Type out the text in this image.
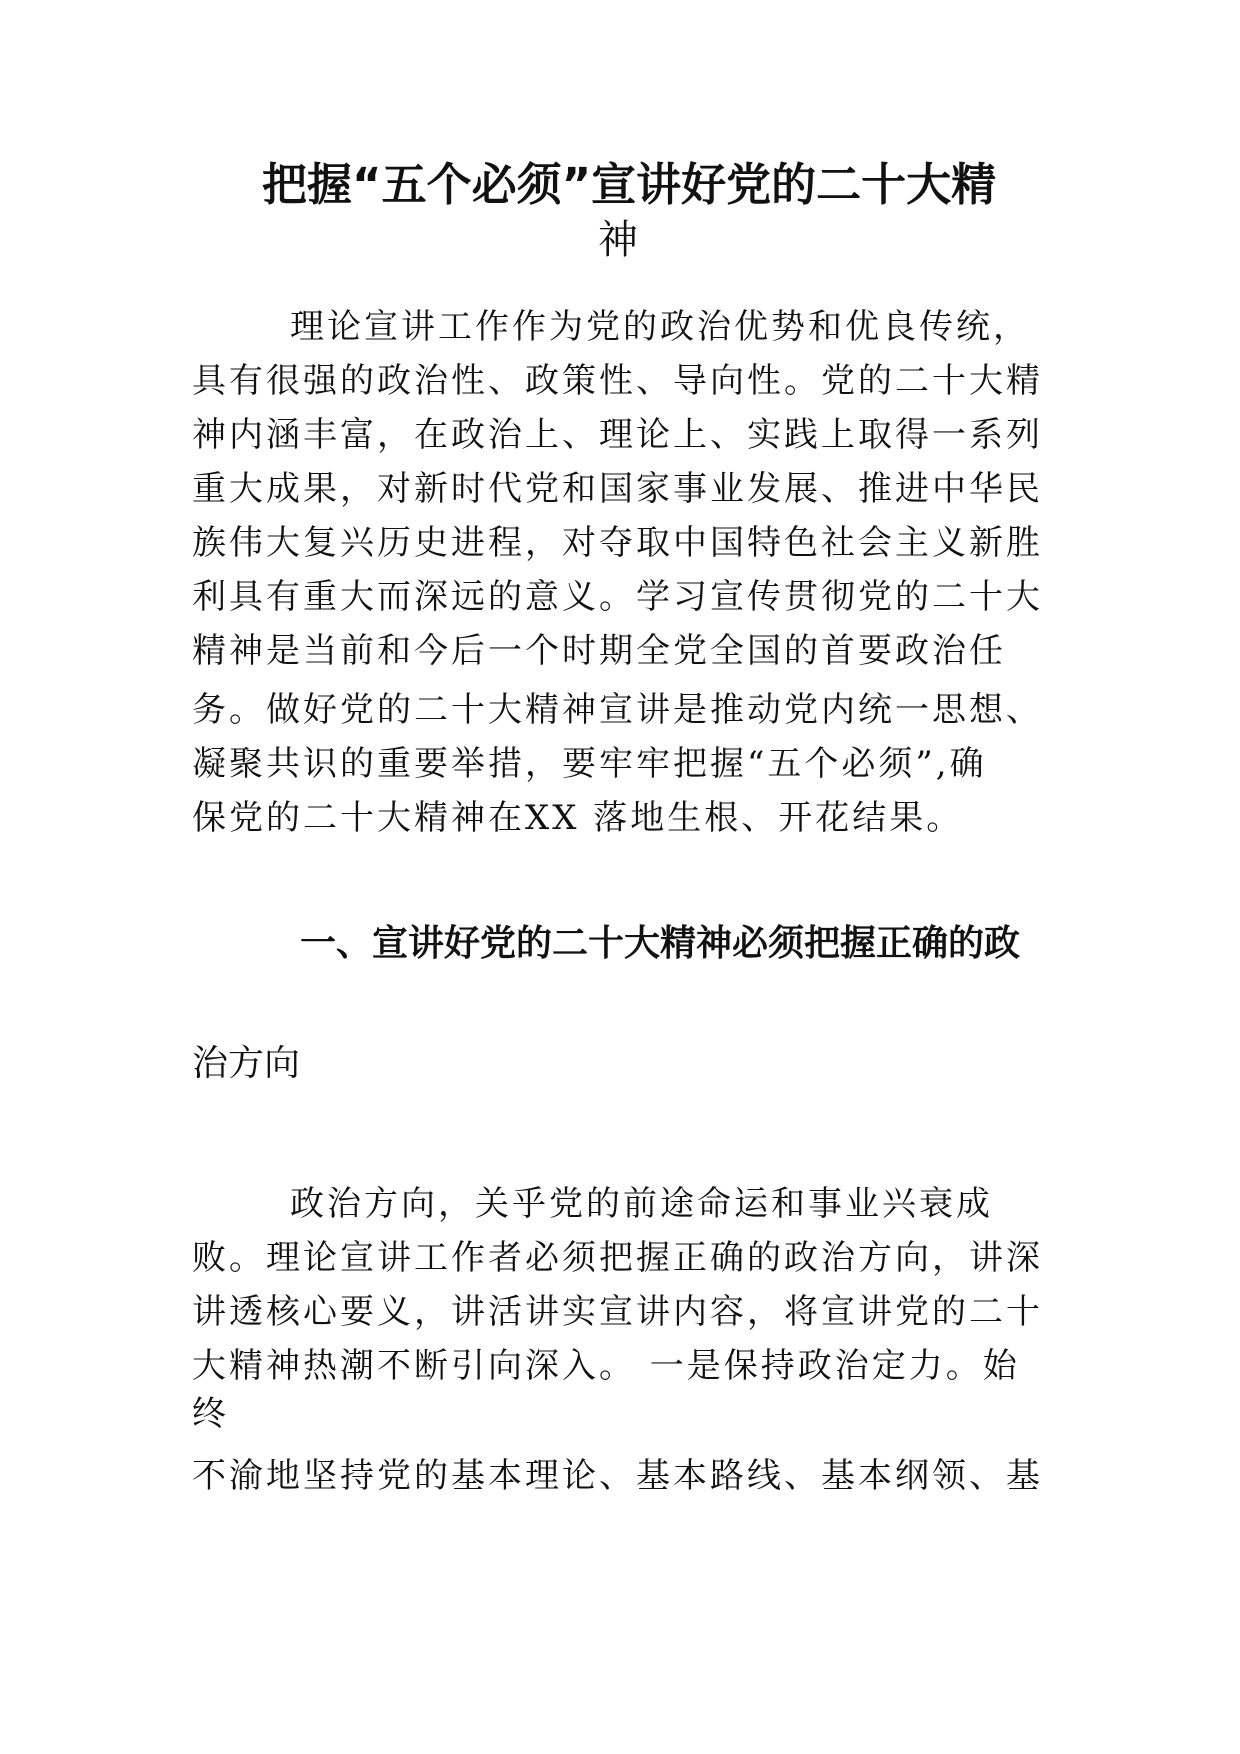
把握“五个必须”宣讲好党的二十大精
神

理论宣讲工作作为党的政治优势和优良传统，

具有很强的政治性、政策性、导向性。党的二十大精

神内涵丰富，在政治上、理论上、实践上取得一系列

重大成果，对新时代党和国家事业发展、推进中华民

族伟大复兴历史进程，对夺取中国特色社会主义新胜

利具有重大而深远的意义。学习宣传贯彻党的二十大

精神是当前和今后一个时期全党全国的首要政治任

务。做好党的二十大精神宣讲是推动党内统一思想、

凝聚共识的重要举措，要牢牢把握“五个必须”,确

保党的二十大精神在XX 落地生根、开花结果。

一、宣讲好党的二十大精神必须把握正确的政
治方向

政治方向，关乎党的前途命运和事业兴衰成

败。理论宣讲工作者必须把握正确的政治方向，讲深

讲透核心要义，讲活讲实宣讲内容，将宣讲党的二十

大精神热潮不断引向深入。 一是保持政治定力。始

终

不渝地坚持党的基本理论、基本路线、基本纲领、基
